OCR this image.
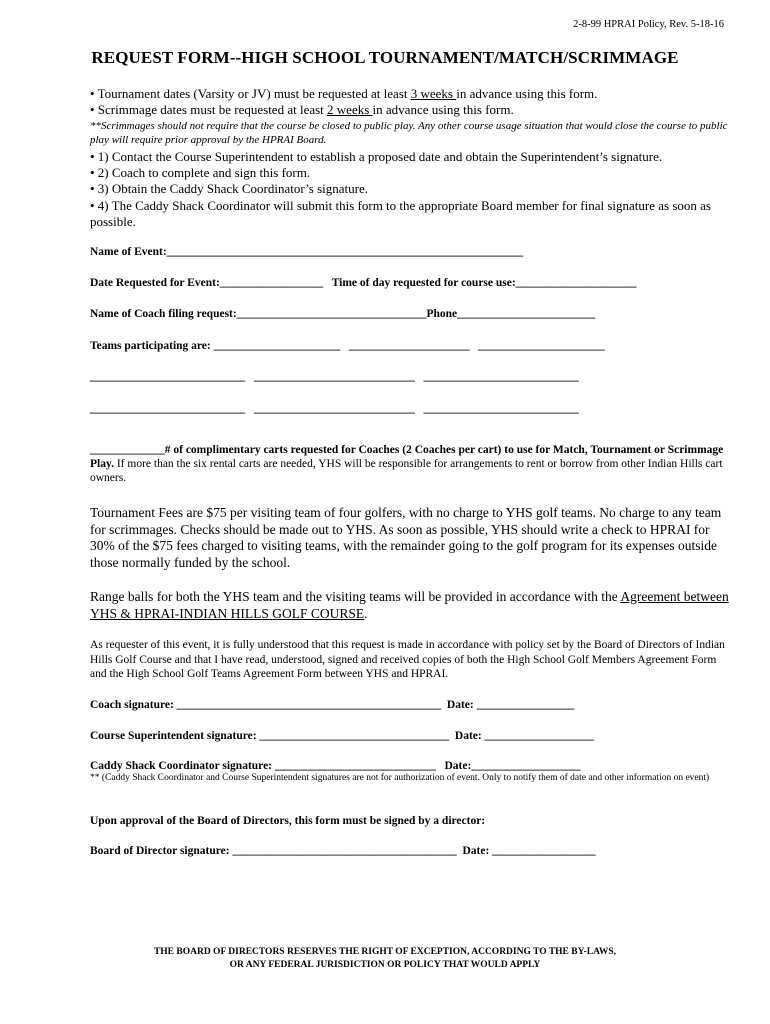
2-8-99 HPRAI Policy, Rev. 5-18-16
REQUEST FORM--HIGH SCHOOL TOURNAMENT/MATCH/SCRIMMAGE
• Tournament dates (Varsity or JV) must be requested at least 3 weeks in advance using this form.
• Scrimmage dates must be requested at least 2 weeks in advance using this form.
**Scrimmages should not require that the course be closed to public play. Any other course usage situation that would close the course to public play will require prior approval by the HPRAI Board.
• 1) Contact the Course Superintendent to establish a proposed date and obtain the Superintendent’s signature.
• 2) Coach to complete and sign this form.
• 3) Obtain the Caddy Shack Coordinator’s signature.
• 4) The Caddy Shack Coordinator will submit this form to the appropriate Board member for final signature as soon as possible.
Name of Event:______________________________________________________________
Date Requested for Event:__________________   Time of day requested for course use:_____________________
Name of Coach filing request:_________________________________Phone________________________
Teams participating are: ______________________   _____________________   ______________________
___________________________   ____________________________   ___________________________
___________________________   ____________________________   ___________________________
_____________# of complimentary carts requested for Coaches (2 Coaches per cart) to use for Match, Tournament or Scrimmage Play. If more than the six rental carts are needed, YHS will be responsible for arrangements to rent or borrow from other Indian Hills cart owners.
Tournament Fees are $75 per visiting team of four golfers, with no charge to YHS golf teams. No charge to any team for scrimmages. Checks should be made out to YHS. As soon as possible, YHS should write a check to HPRAI for 30% of the $75 fees charged to visiting teams, with the remainder going to the golf program for its expenses outside those normally funded by the school.
Range balls for both the YHS team and the visiting teams will be provided in accordance with the Agreement between YHS & HPRAI-INDIAN HILLS GOLF COURSE.
As requester of this event, it is fully understood that this request is made in accordance with policy set by the Board of Directors of Indian Hills Golf Course and that I have read, understood, signed and received copies of both the High School Golf Members Agreement Form and the High School Golf Teams Agreement Form between YHS and HPRAI.
Coach signature: ______________________________________________  Date: _________________
Course Superintendent signature: _________________________________  Date: ___________________
Caddy Shack Coordinator signature: ____________________________   Date:___________________
** (Caddy Shack Coordinator and Course Superintendent signatures are not for authorization of event. Only to notify them of date and other information on event)
Upon approval of the Board of Directors, this form must be signed by a director:
Board of Director signature: _______________________________________  Date: __________________
THE BOARD OF DIRECTORS RESERVES THE RIGHT OF EXCEPTION, ACCORDING TO THE BY-LAWS,
OR ANY FEDERAL JURISDICTION OR POLICY THAT WOULD APPLY
